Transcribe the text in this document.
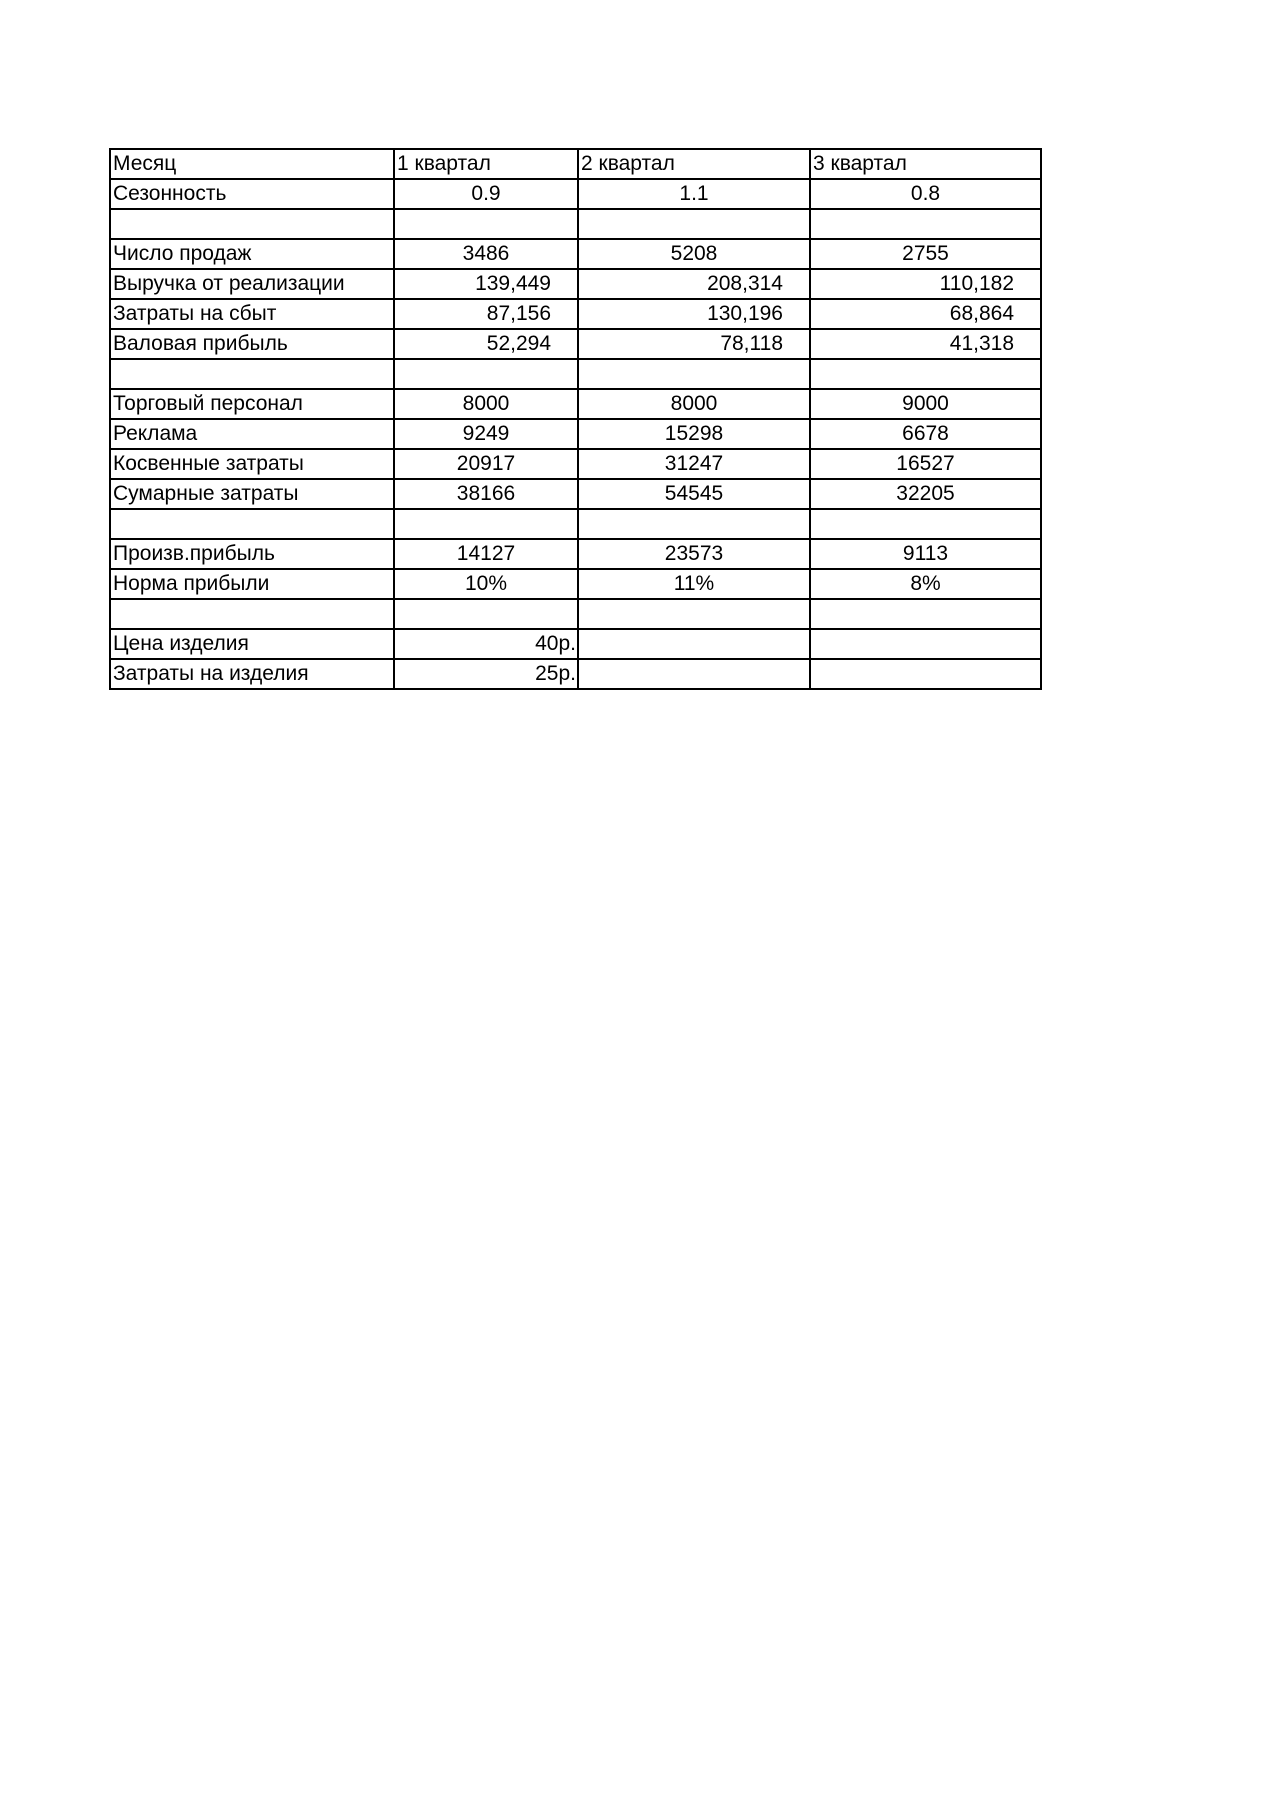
Месяц	1 квартал	2 квартал	3 квартал
Сезонность	0.9	1.1	0.8

Число продаж	3486	5208	2755
Выручка от реализации	139,449	208,314	110,182
Затраты на сбыт	87,156	130,196	68,864
Валовая прибыль	52,294	78,118	41,318

Торговый персонал	8000	8000	9000
Реклама	9249	15298	6678
Косвенные затраты	20917	31247	16527
Сумарные затраты	38166	54545	32205

Произв.прибыль	14127	23573	9113
Норма прибыли	10%	11%	8%

Цена изделия	40р.		
Затраты на изделия	25р.		
